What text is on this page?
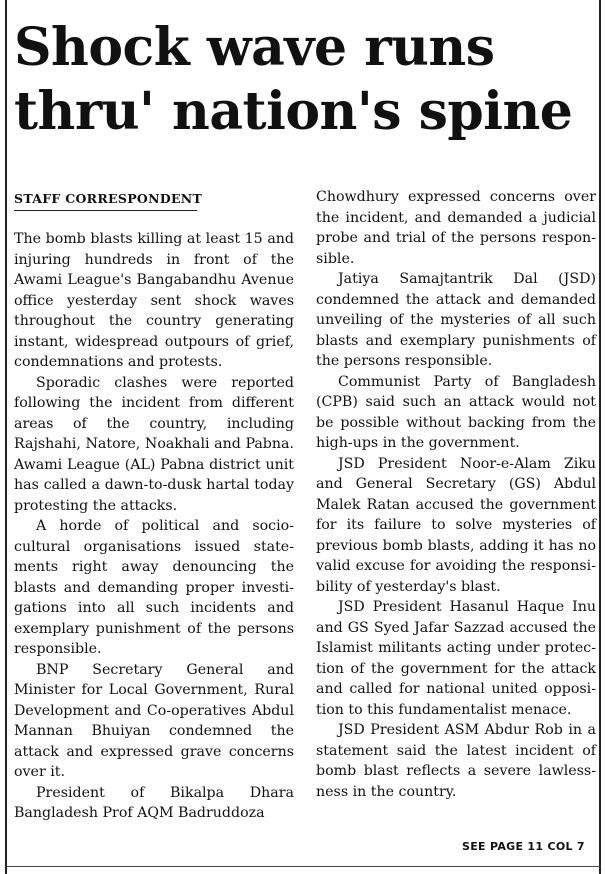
Shock wave runs
thru' nation's spine
STAFF CORRESPONDENT

The bomb blasts killing at least 15 and injuring hundreds in front of the Awami League's Bangabandhu Avenue office yesterday sent shock waves throughout the country generating instant, widespread outpours of grief, condemnations and protests.

Sporadic clashes were reported following the incident from different areas of the country, including Rajshahi, Natore, Noakhali and Pabna. Awami League (AL) Pabna district unit has called a dawn-to-dusk hartal today protesting the attacks.

A horde of political and sociocultural organisations issued statements right away denouncing the blasts and demanding proper investigations into all such incidents and exemplary punishment of the persons responsible.

BNP Secretary General and Minister for Local Government, Rural Development and Co-operatives Abdul Mannan Bhuiyan condemned the attack and expressed grave concerns over it.

President of Bikalpa Dhara Bangladesh Prof AQM Badruddoza

Chowdhury expressed concerns over the incident, and demanded a judicial probe and trial of the persons responsible.

Jatiya Samajtantrik Dal (JSD) condemned the attack and demanded unveiling of the mysteries of all such blasts and exemplary punishments of the persons responsible.

Communist Party of Bangladesh (CPB) said such an attack would not be possible without backing from the high-ups in the government.

JSD President Noor-e-Alam Ziku and General Secretary (GS) Abdul Malek Ratan accused the government for its failure to solve mysteries of previous bomb blasts, adding it has no valid excuse for avoiding the responsibility of yesterday's blast.

JSD President Hasanul Haque Inu and GS Syed Jafar Sazzad accused the Islamist militants acting under protection of the government for the attack and called for national united opposition to this fundamentalist menace.

JSD President ASM Abdur Rob in a statement said the latest incident of bomb blast reflects a severe lawlessness in the country.

SEE PAGE 11 COL 7
